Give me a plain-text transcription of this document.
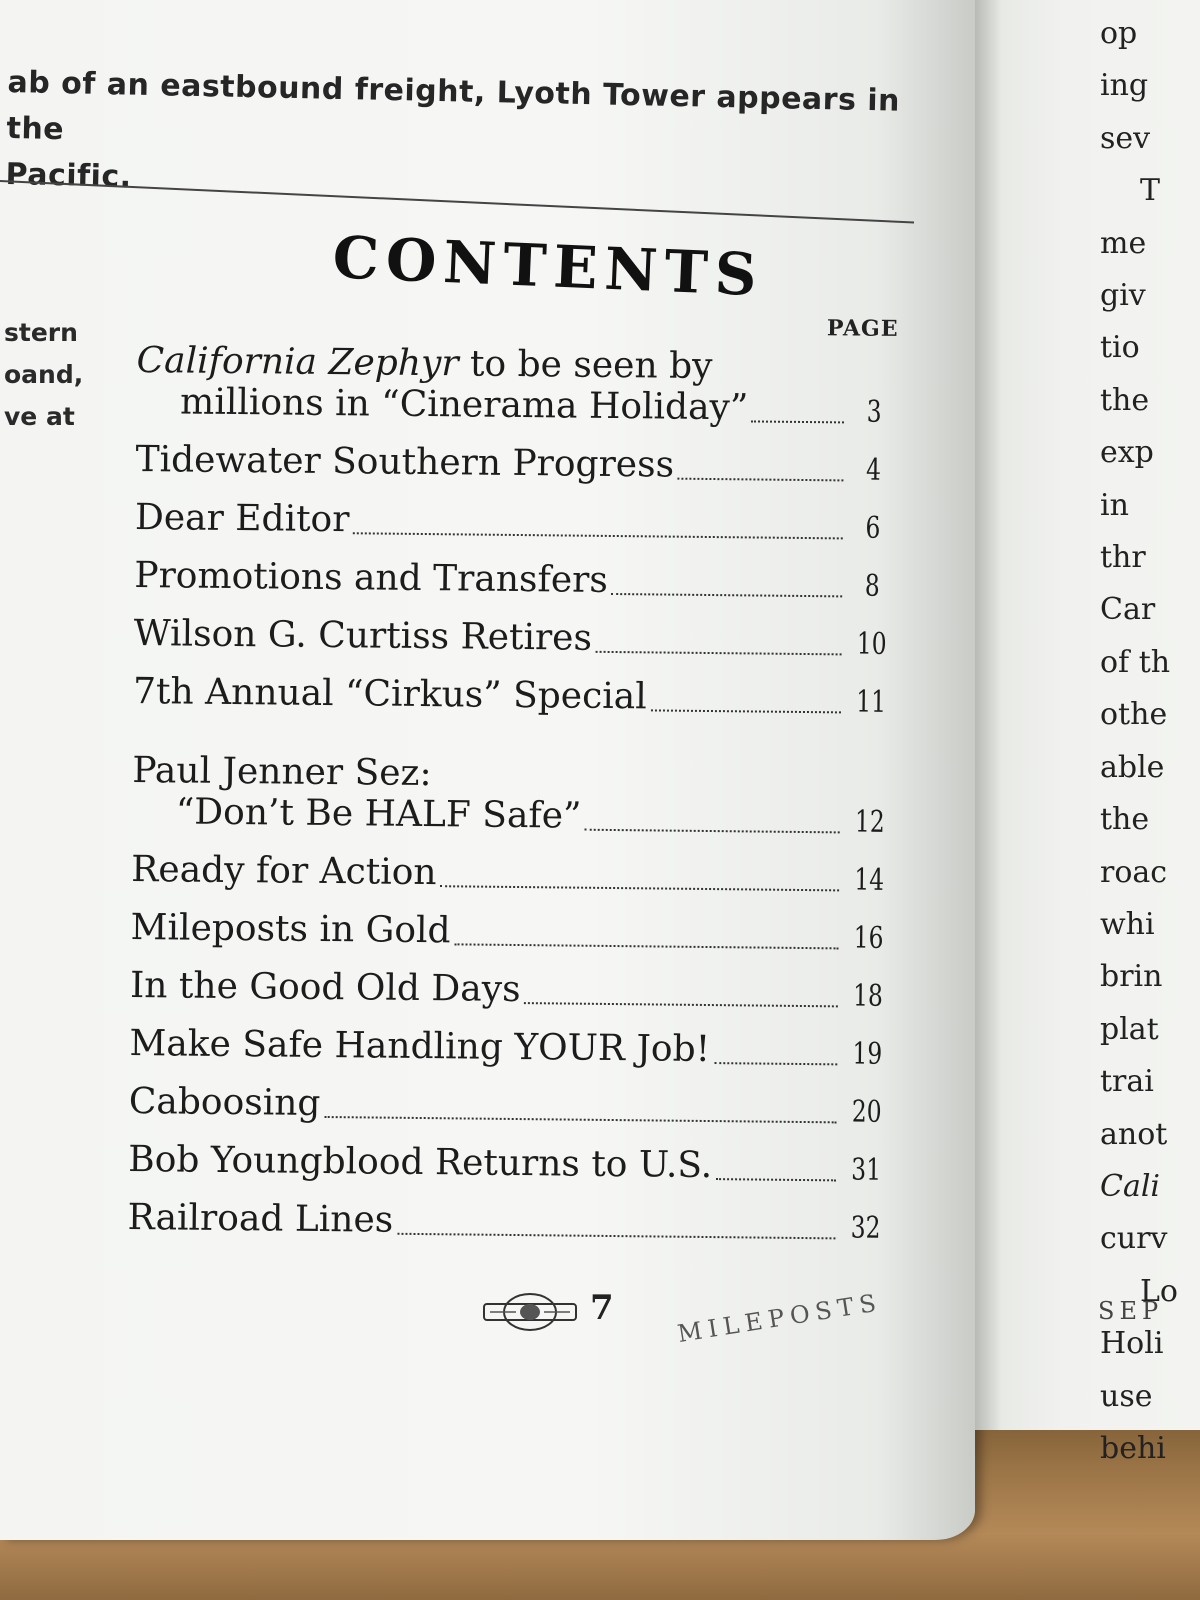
ab of an eastbound freight, Lyoth Tower appears in the
Pacific.
stern
oand,
ve at
CONTENTS
PAGE
California Zephyr to be seen by
millions in “Cinerama Holiday”	3
Tidewater Southern Progress	4
Dear Editor	6
Promotions and Transfers	8
Wilson G. Curtiss Retires	10
7th Annual “Cirkus” Special	11
Paul Jenner Sez:
“Don’t Be HALF Safe”	12
Ready for Action	14
Mileposts in Gold	16
In the Good Old Days	18
Make Safe Handling YOUR Job!	19
Caboosing	20
Bob Youngblood Returns to U.S.	31
Railroad Lines	32
7	MILEPOSTS
op
ing
sev
T
me
giv
tio
the
exp
in
thr
Car
of th
othe
able
the
roac
whi
brin
plat
trai
anot
Cali
curv
Lo
Holi
use
behi
SEP
